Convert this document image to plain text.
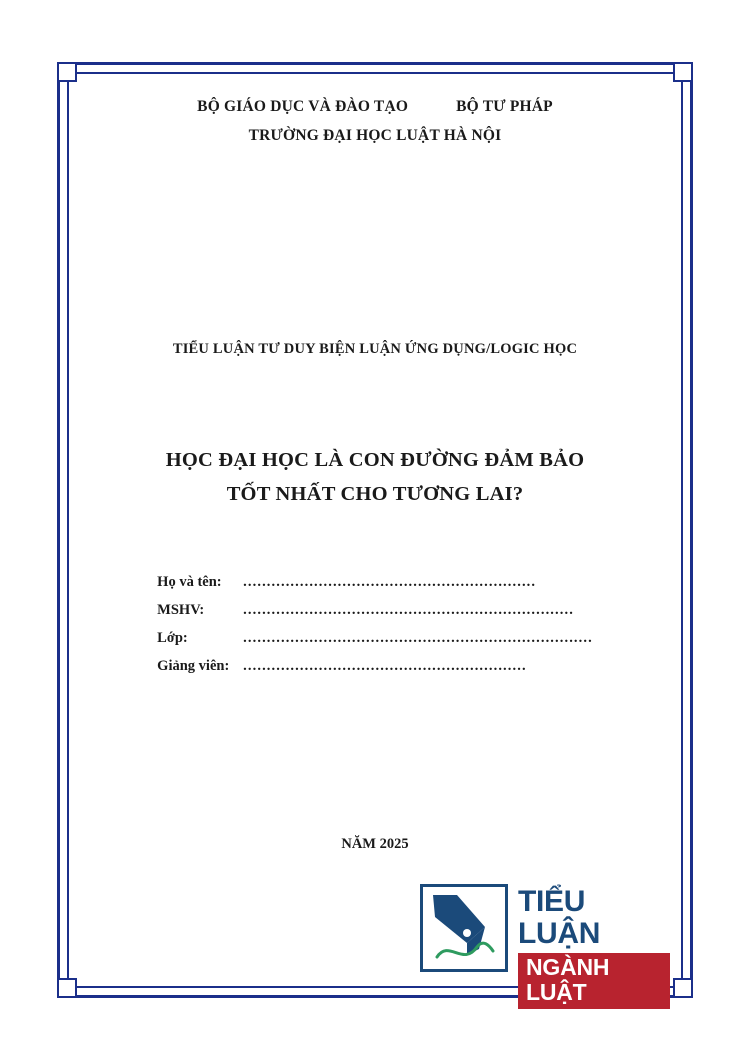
BỘ GIÁO DỤC VÀ ĐÀO TẠO	BỘ TƯ PHÁP
TRƯỜNG ĐẠI HỌC LUẬT HÀ NỘI
TIỂU LUẬN TƯ DUY BIỆN LUẬN ỨNG DỤNG/LOGIC HỌC
HỌC ĐẠI HỌC LÀ CON ĐƯỜNG ĐẢM BẢO
TỐT NHẤT CHO TƯƠNG LAI?
Họ và tên:	..............................................................
MSHV:	......................................................................
Lớp:	..........................................................................
Giảng viên: ............................................................
NĂM 2025
TIỂU LUẬN
NGÀNH LUẬT
